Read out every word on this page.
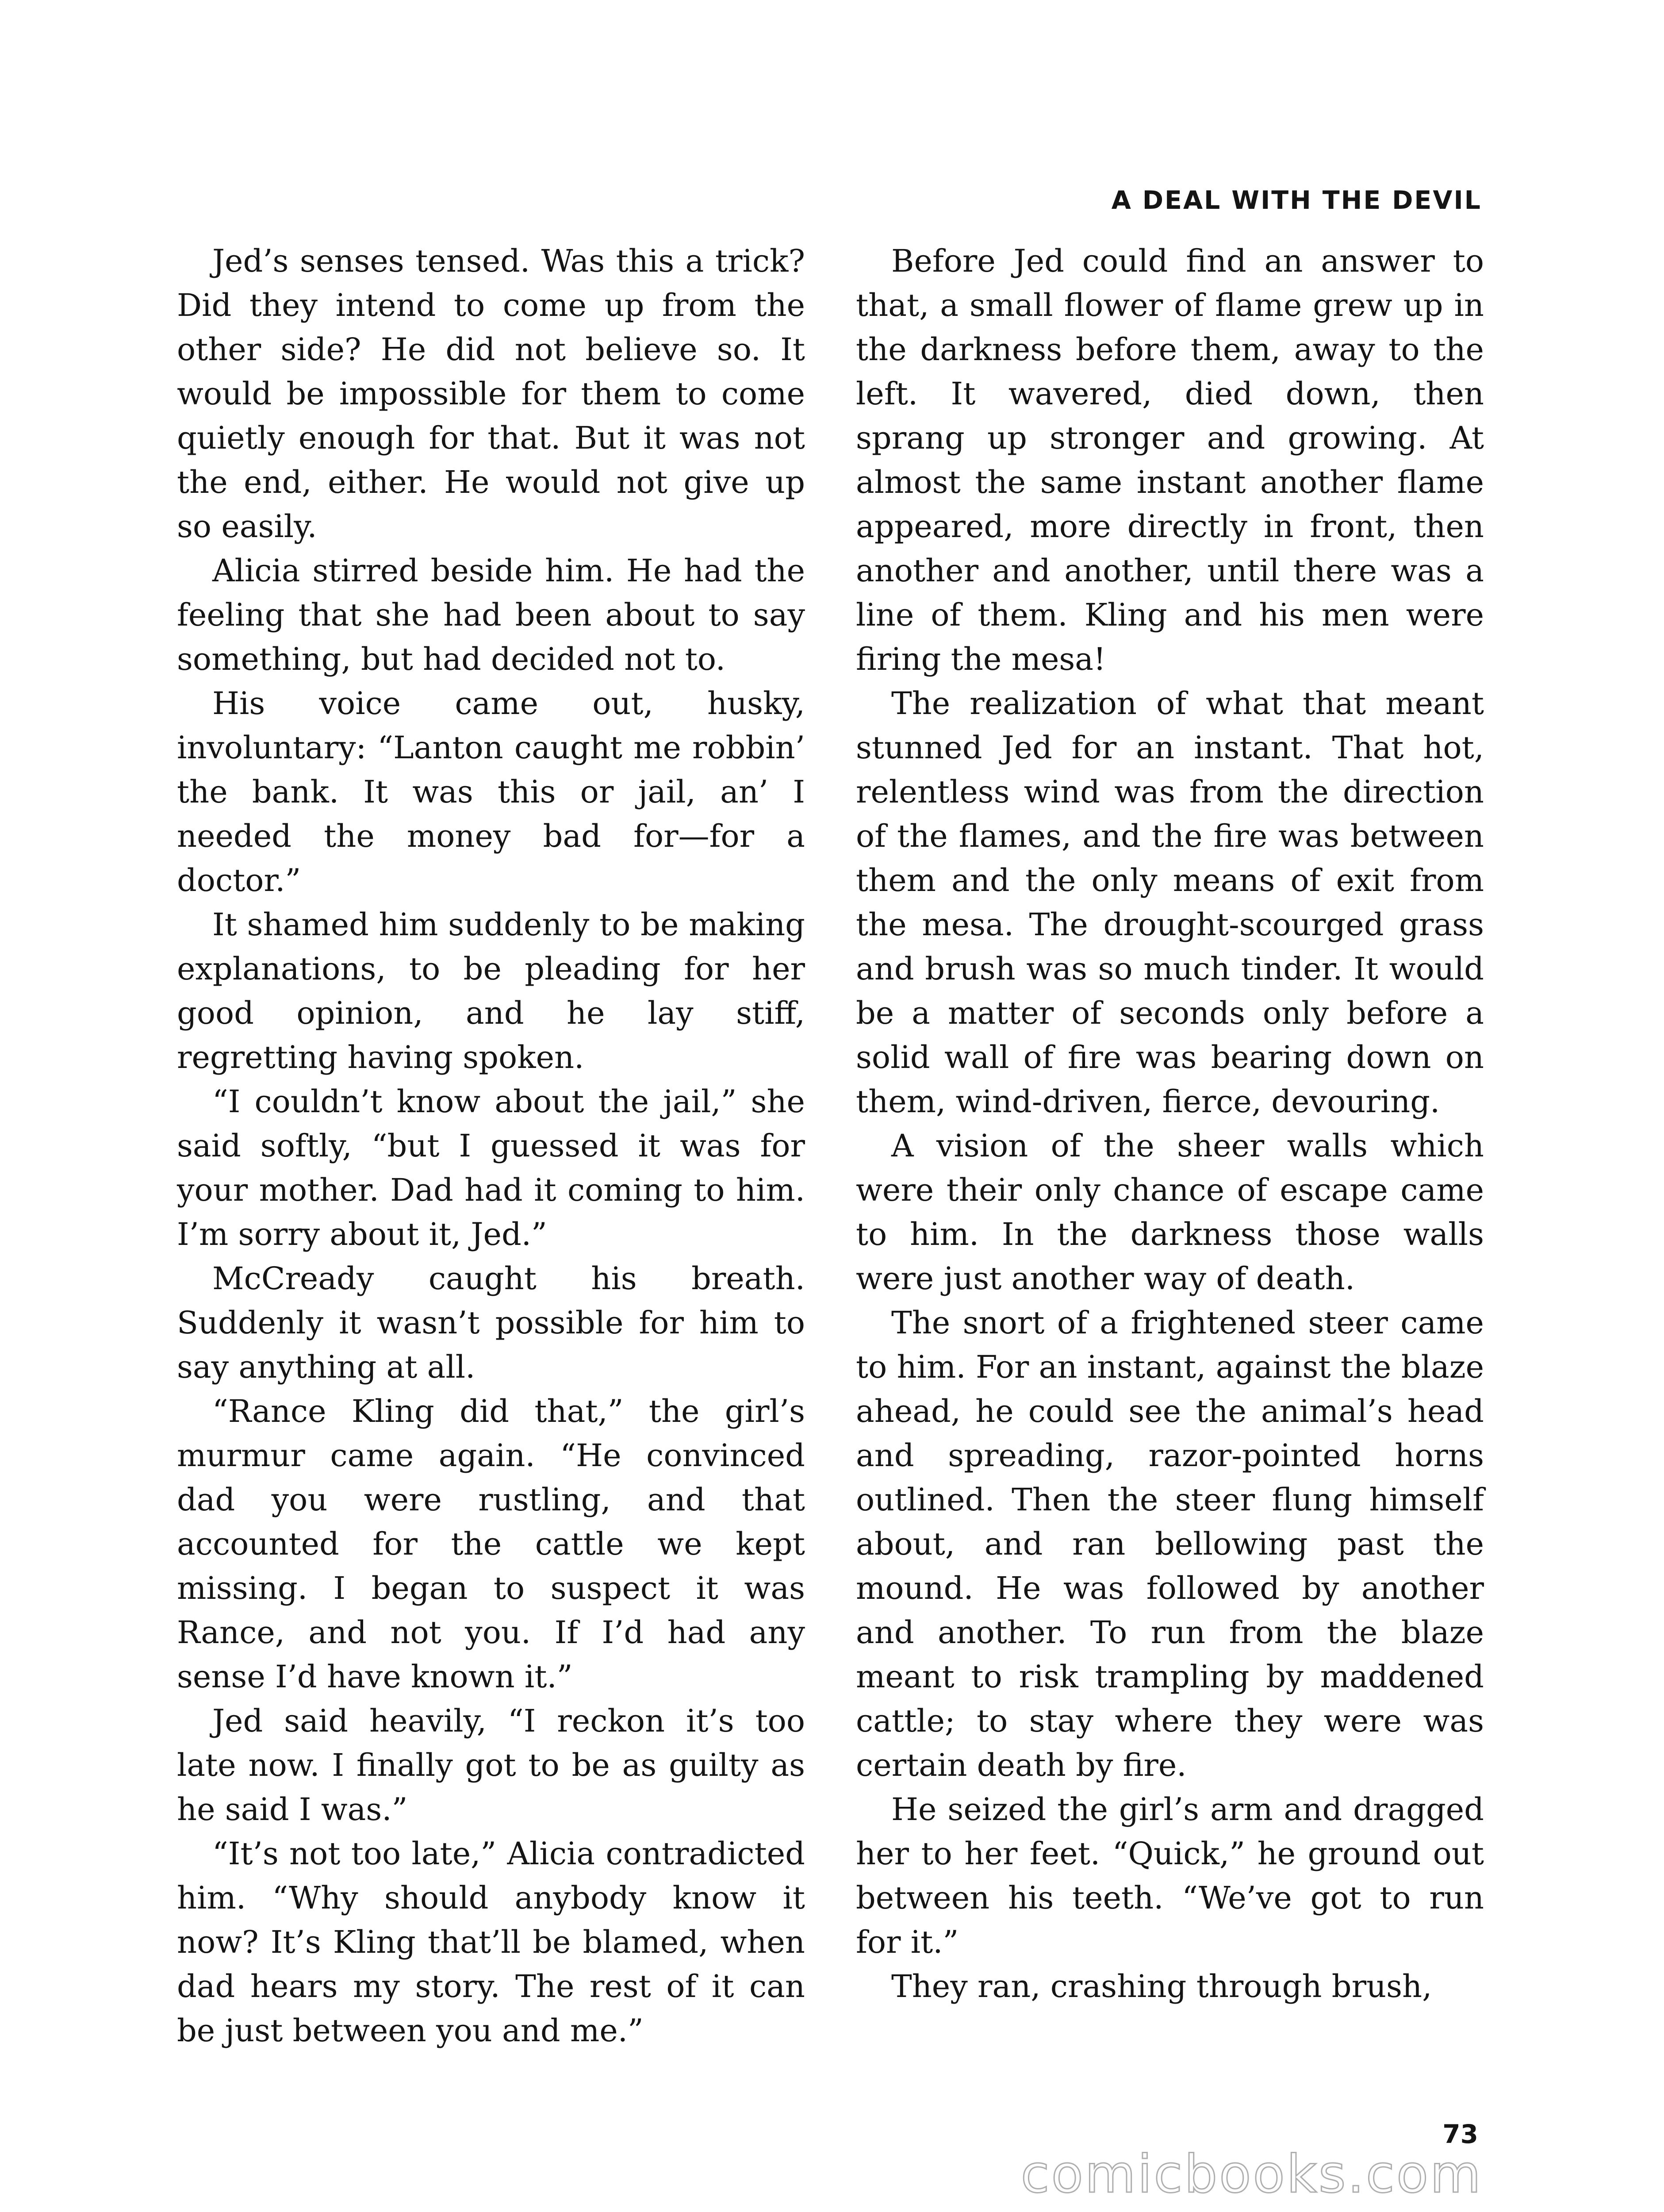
A DEAL WITH THE DEVIL

Jed’s senses tensed. Was this a trick? Did they intend to come up from the other side? He did not believe so. It would be impossible for them to come quietly enough for that. But it was not the end, either. He would not give up so easily.

Alicia stirred beside him. He had the feeling that she had been about to say something, but had decided not to.

His voice came out, husky, involuntary: “Lanton caught me robbin’ the bank. It was this or jail, an’ I needed the money bad for—for a doctor.”

It shamed him suddenly to be making explanations, to be pleading for her good opinion, and he lay stiff, regretting having spoken.

“I couldn’t know about the jail,” she said softly, “but I guessed it was for your mother. Dad had it coming to him. I’m sorry about it, Jed.”

McCready caught his breath. Suddenly it wasn’t possible for him to say anything at all.

“Rance Kling did that,” the girl’s murmur came again. “He convinced dad you were rustling, and that accounted for the cattle we kept missing. I began to suspect it was Rance, and not you. If I’d had any sense I’d have known it.”

Jed said heavily, “I reckon it’s too late now. I finally got to be as guilty as he said I was.”

“It’s not too late,” Alicia contradicted him. “Why should anybody know it now? It’s Kling that’ll be blamed, when dad hears my story. The rest of it can be just between you and me.”

Before Jed could find an answer to that, a small flower of flame grew up in the darkness before them, away to the left. It wavered, died down, then sprang up stronger and growing. At almost the same instant another flame appeared, more directly in front, then another and another, until there was a line of them. Kling and his men were firing the mesa!

The realization of what that meant stunned Jed for an instant. That hot, relentless wind was from the direction of the flames, and the fire was between them and the only means of exit from the mesa. The drought-scourged grass and brush was so much tinder. It would be a matter of seconds only before a solid wall of fire was bearing down on them, wind-driven, fierce, devouring.

A vision of the sheer walls which were their only chance of escape came to him. In the darkness those walls were just another way of death.

The snort of a frightened steer came to him. For an instant, against the blaze ahead, he could see the animal’s head and spreading, razor-pointed horns outlined. Then the steer flung himself about, and ran bellowing past the mound. He was followed by another and another. To run from the blaze meant to risk trampling by maddened cattle; to stay where they were was certain death by fire.

He seized the girl’s arm and dragged her to her feet. “Quick,” he ground out between his teeth. “We’ve got to run for it.”

They ran, crashing through brush,

73
comicbooks.com
